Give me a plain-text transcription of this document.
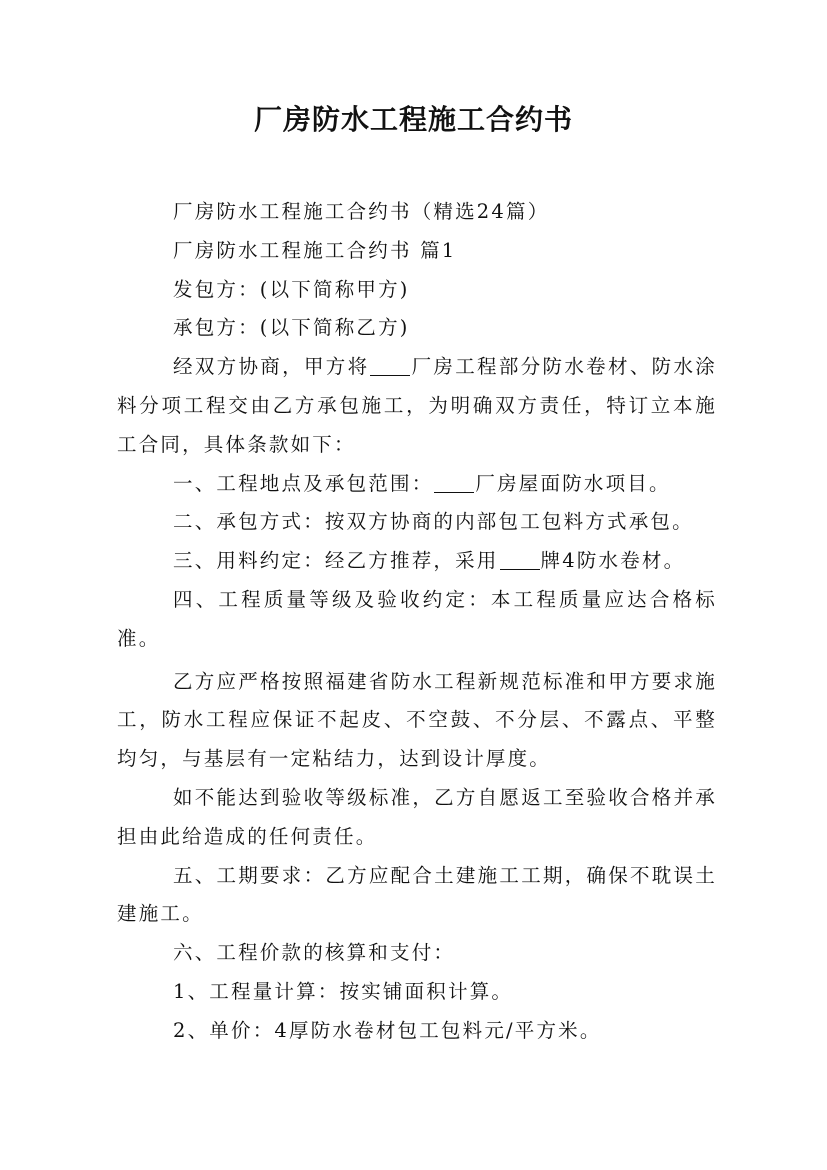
厂房防水工程施工合约书

厂房防水工程施工合约书（精选24篇）

厂房防水工程施工合约书 篇1

发包方：(以下简称甲方)

承包方：(以下简称乙方)

经双方协商，甲方将 厂房工程部分防水卷材、防水涂料分项工程交由乙方承包施工，为明确双方责任，特订立本施工合同，具体条款如下：

一、工程地点及承包范围： 厂房屋面防水项目。

二、承包方式：按双方协商的内部包工包料方式承包。

三、用料约定：经乙方推荐，采用 牌4防水卷材。

四、工程质量等级及验收约定：本工程质量应达合格标准。

乙方应严格按照福建省防水工程新规范标准和甲方要求施工，防水工程应保证不起皮、不空鼓、不分层、不露点、平整均匀，与基层有一定粘结力，达到设计厚度。

如不能达到验收等级标准，乙方自愿返工至验收合格并承担由此给造成的任何责任。

五、工期要求：乙方应配合土建施工工期，确保不耽误土建施工。

六、工程价款的核算和支付：

1、工程量计算：按实铺面积计算。

2、单价：4厚防水卷材包工包料元/平方米。
